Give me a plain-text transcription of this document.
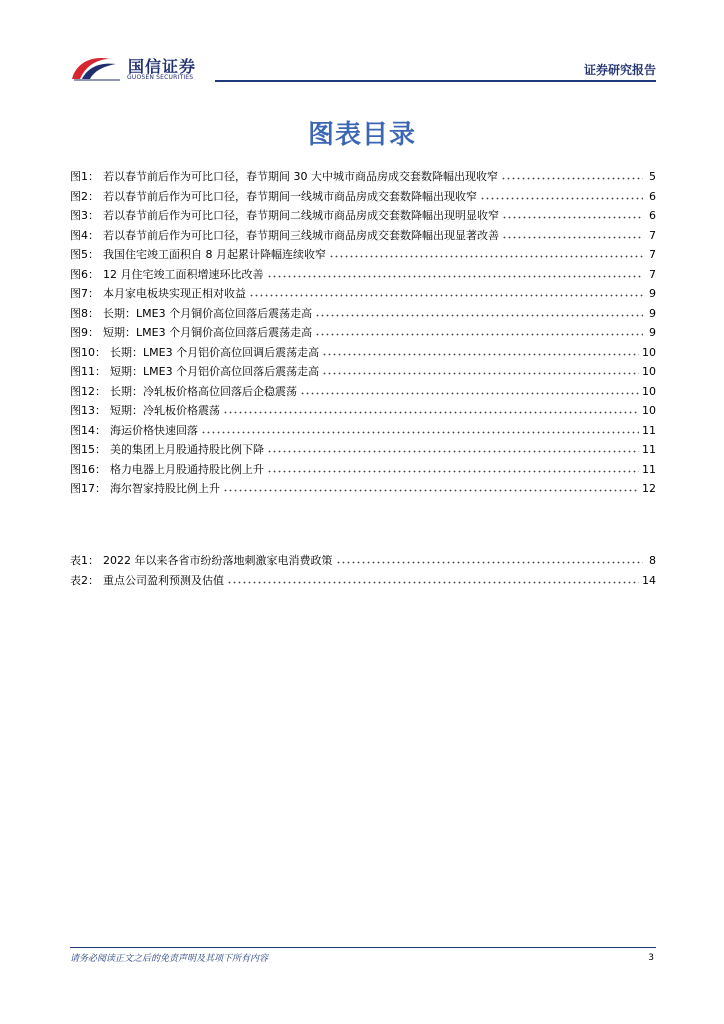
国信证券
GUOSEN SECURITIES
证券研究报告
图表目录
图1： 若以春节前后作为可比口径，春节期间 30 大中城市商品房成交套数降幅出现收窄	5
图2： 若以春节前后作为可比口径，春节期间一线城市商品房成交套数降幅出现收窄	6
图3： 若以春节前后作为可比口径，春节期间二线城市商品房成交套数降幅出现明显收窄	6
图4： 若以春节前后作为可比口径，春节期间三线城市商品房成交套数降幅出现显著改善	7
图5： 我国住宅竣工面积自 8 月起累计降幅连续收窄	7
图6： 12 月住宅竣工面积增速环比改善	7
图7： 本月家电板块实现正相对收益	9
图8： 长期：LME3 个月铜价高位回落后震荡走高	9
图9： 短期：LME3 个月铜价高位回落后震荡走高	9
图10： 长期：LME3 个月铝价高位回调后震荡走高	10
图11： 短期：LME3 个月铝价高位回落后震荡走高	10
图12： 长期：冷轧板价格高位回落后企稳震荡	10
图13： 短期：冷轧板价格震荡	10
图14： 海运价格快速回落	11
图15： 美的集团上月股通持股比例下降	11
图16： 格力电器上月股通持股比例上升	11
图17： 海尔智家持股比例上升	12
表1： 2022 年以来各省市纷纷落地刺激家电消费政策	8
表2： 重点公司盈利预测及估值	14
请务必阅读正文之后的免责声明及其项下所有内容	3
